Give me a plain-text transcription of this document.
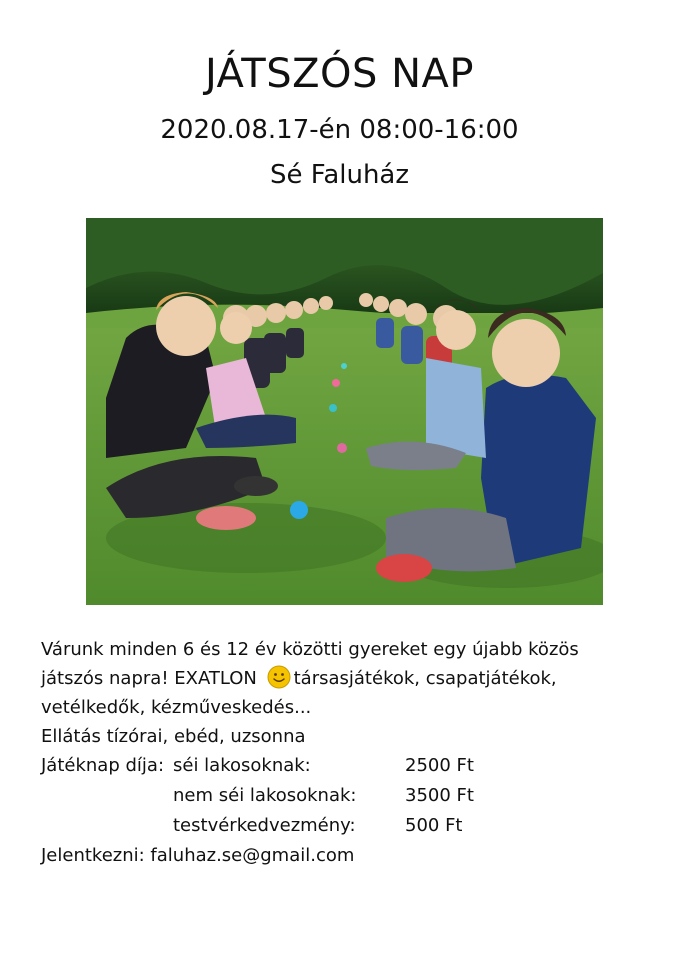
JÁTSZÓS NAP
2020.08.17-én 08:00-16:00
Sé Faluház
Várunk minden 6 és 12 év közötti gyereket egy újabb közös
játszós napra! EXATLON társasjátékok, csapatjátékok,
vetélkedők, kézműveskedés...
Ellátás tízórai, ebéd, uzsonna
Játéknap díja: séi lakosoknak:	2500 Ft
nem séi lakosoknak:	3500 Ft
testvérkedvezmény:	500 Ft
Jelentkezni: faluhaz.se@gmail.com
